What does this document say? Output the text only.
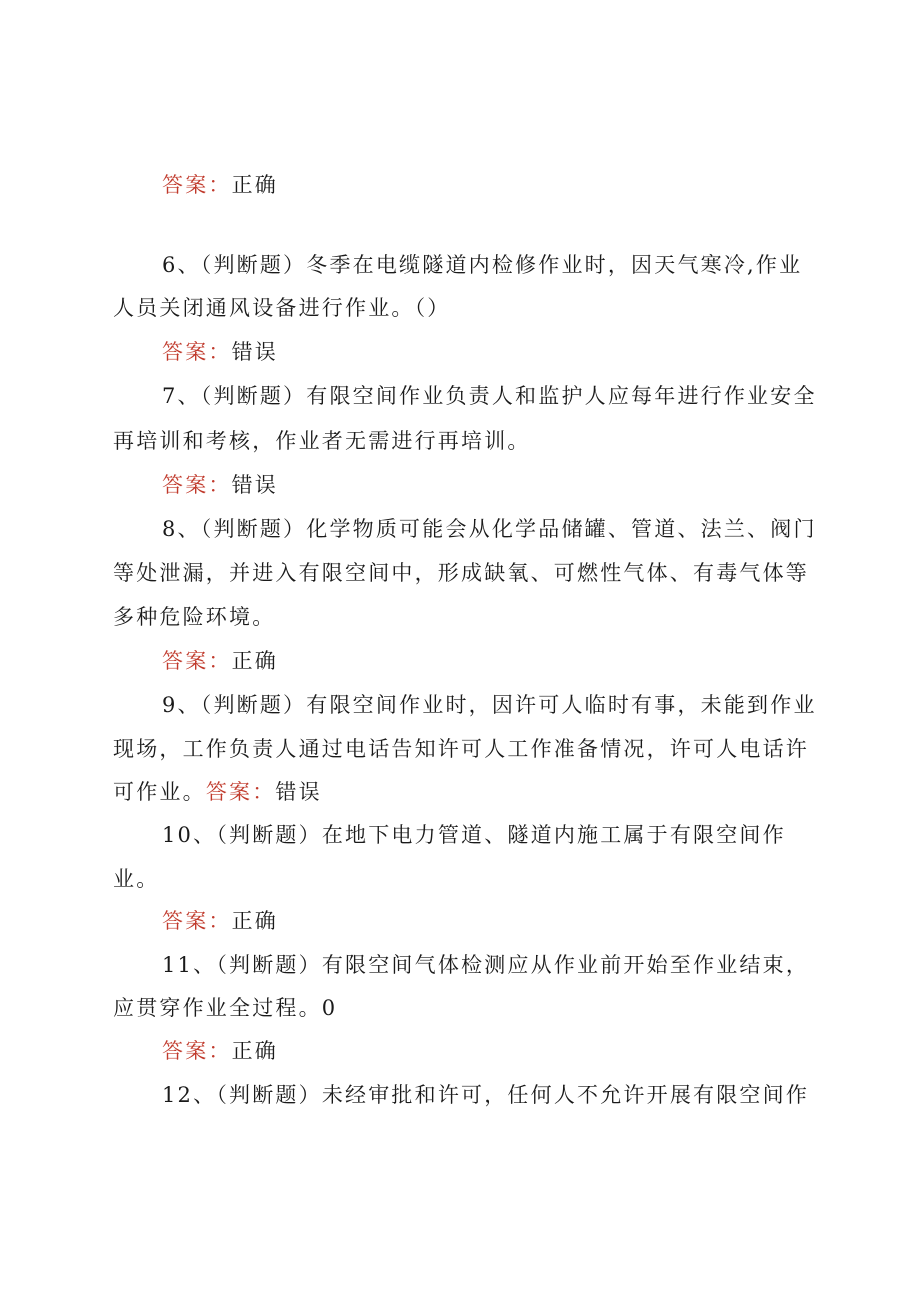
答案：正确
6、（判断题）冬季在电缆隧道内检修作业时，因天气寒冷,作业
人员关闭通风设备进行作业。（）
答案：错误
7、（判断题）有限空间作业负责人和监护人应每年进行作业安全
再培训和考核，作业者无需进行再培训。
答案：错误
8、（判断题）化学物质可能会从化学品储罐、管道、法兰、阀门
等处泄漏，并进入有限空间中，形成缺氧、可燃性气体、有毒气体等
多种危险环境。
答案：正确
9、（判断题）有限空间作业时，因许可人临时有事，未能到作业
现场，工作负责人通过电话告知许可人工作准备情况，许可人电话许
可作业。答案：错误
10、（判断题）在地下电力管道、隧道内施工属于有限空间作
业。
答案：正确
11、（判断题）有限空间气体检测应从作业前开始至作业结束，
应贯穿作业全过程。0
答案：正确
12、（判断题）未经审批和许可，任何人不允许开展有限空间作
